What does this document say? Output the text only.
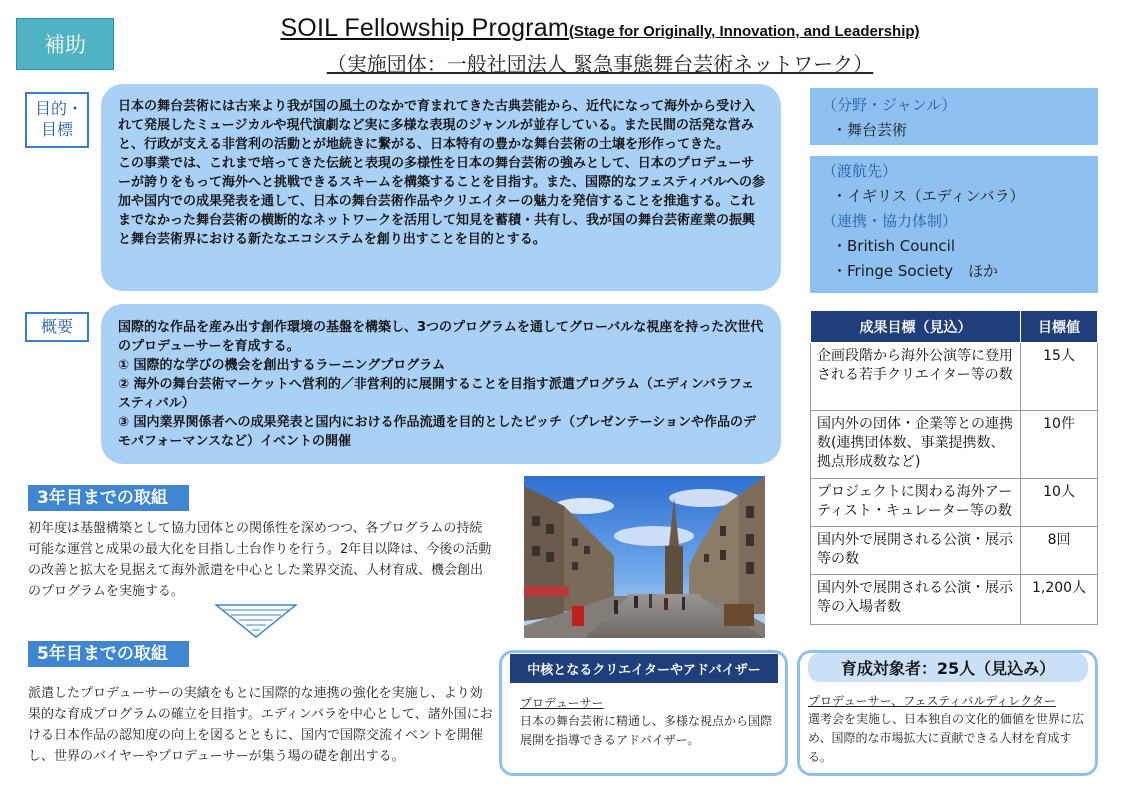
補助
SOIL Fellowship Program(Stage for Originally, Innovation, and Leadership)
（実施団体：一般社団法人 緊急事態舞台芸術ネットワーク）
目的・
目標

日本の舞台芸術には古来より我が国の風土のなかで育まれてきた古典芸能から、近代になって海外から受け入れて発展したミュージカルや現代演劇など実に多様な表現のジャンルが並存している。また民間の活発な営みと、行政が支える非営利の活動とが地続きに繋がる、日本特有の豊かな舞台芸術の土壌を形作ってきた。

この事業では、これまで培ってきた伝統と表現の多様性を日本の舞台芸術の強みとして、日本のプロデューサーが誇りをもって海外へと挑戦できるスキームを構築することを目指す。また、国際的なフェスティバルへの参加や国内での成果発表を通して、日本の舞台芸術作品やクリエイターの魅力を発信することを推進する。これまでなかった舞台芸術の横断的なネットワークを活用して知見を蓄積・共有し、我が国の舞台芸術産業の振興と舞台芸術界における新たなエコシステムを創り出すことを目的とする。

概要	国際的な作品を産み出す創作環境の基盤を構築し、3つのプログラムを通してグローバルな視座を持った次世代のプロデューサーを育成する。

① 国際的な学びの機会を創出するラーニングプログラム

② 海外の舞台芸術マーケットへ営利的／非営利的に展開することを目指す派遣プログラム（エディンバラフェスティバル）

③ 国内業界関係者への成果発表と国内における作品流通を目的としたピッチ（プレゼンテーションや作品のデモパフォーマンスなど）イベントの開催

（分野・ジャンル）
・舞台芸術
（渡航先）
・イギリス（エディンバラ）
（連携・協力体制）
・British Council
・Fringe Society　ほか
成果目標（見込）	目標値
企画段階から海外公演等に登用される若手クリエイター等の数	15人
国内外の団体・企業等との連携数(連携団体数、事業提携数、拠点形成数など)	10件
プロジェクトに関わる海外アーティスト・キュレーター等の数	10人
国内外で展開される公演・展示等の数	8回
国内外で展開される公演・展示等の入場者数	1,200人
3年目までの取組
初年度は基盤構築として協力団体との関係性を深めつつ、各プログラムの持続可能な運営と成果の最大化を目指し土台作りを行う。2年目以降は、今後の活動の改善と拡大を見据えて海外派遣を中心とした業界交流、人材育成、機会創出のプログラムを実施する。
5年目までの取組
派遣したプロデューサーの実績をもとに国際的な連携の強化を実施し、より効果的な育成プログラムの確立を目指す。エディンバラを中心として、諸外国における日本作品の認知度の向上を図るとともに、国内で国際交流イベントを開催し、世界のバイヤーやプロデューサーが集う場の礎を創出する。
中核となるクリエイターやアドバイザー
プロデューサー
日本の舞台芸術に精通し、多様な視点から国際展開を指導できるアドバイザー。
育成対象者：25人（見込み）
プロデューサー、フェスティバルディレクター
選考会を実施し、日本独自の文化的価値を世界に広め、国際的な市場拡大に貢献できる人材を育成する。
